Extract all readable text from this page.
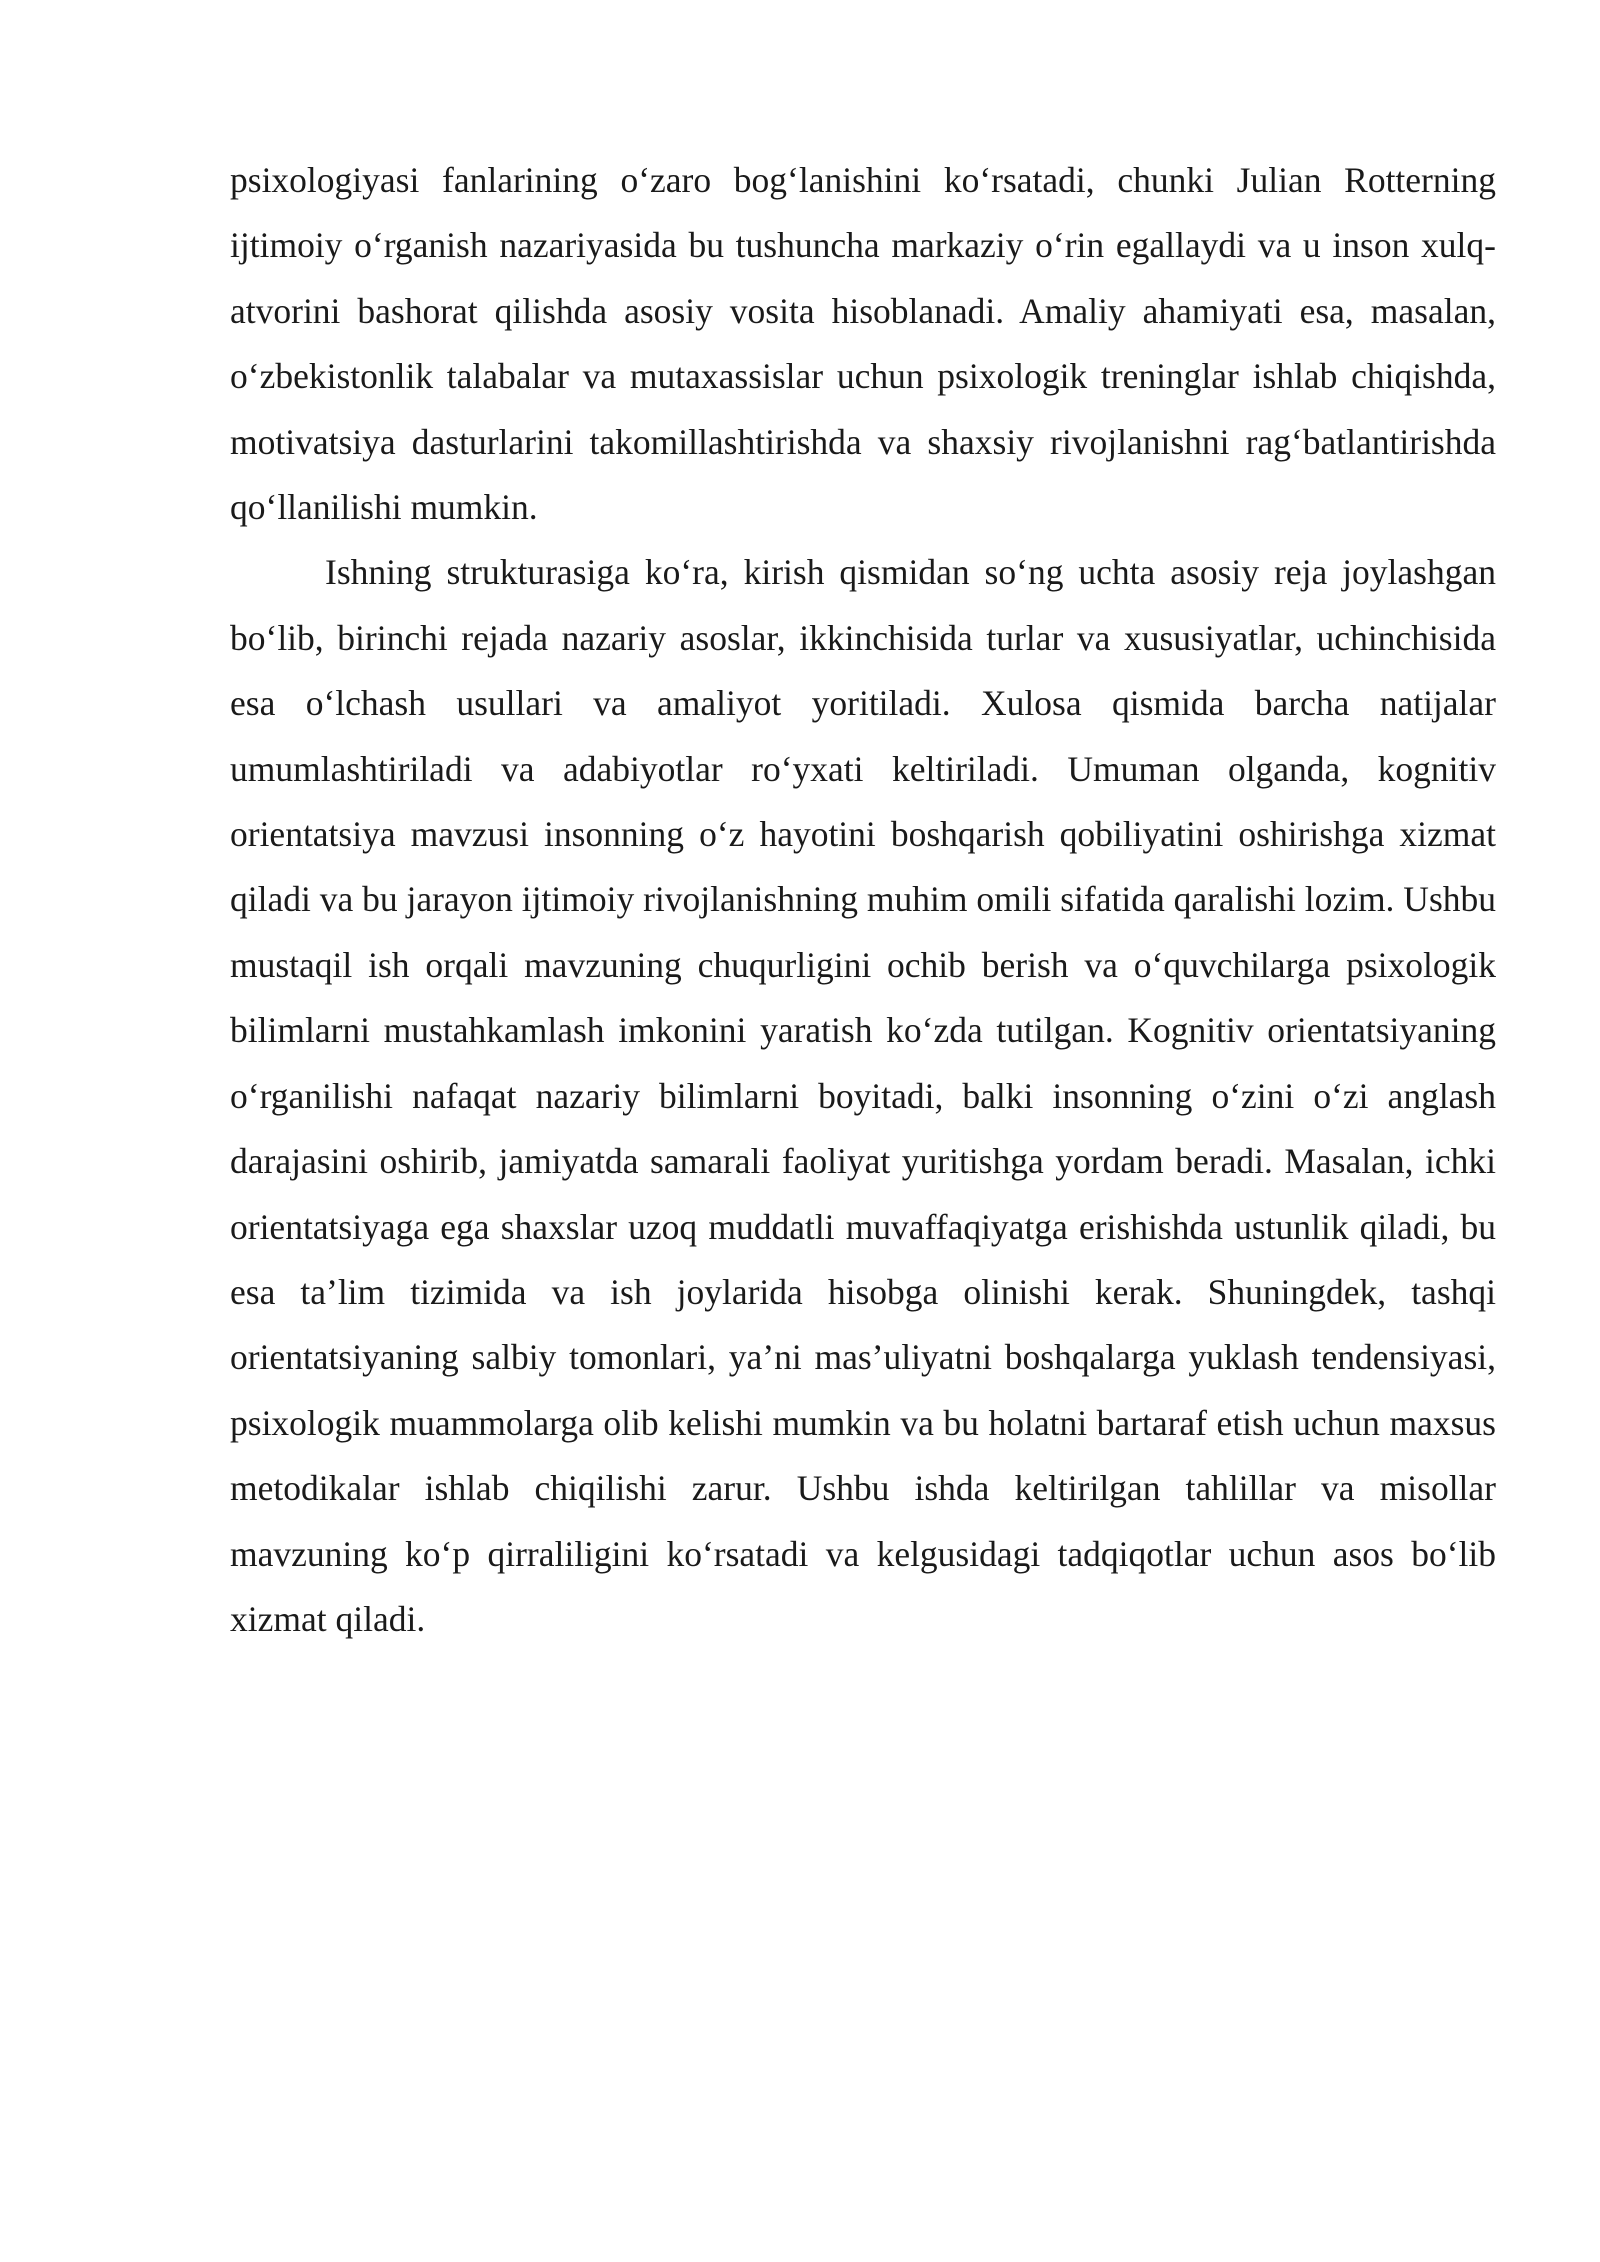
psixologiyasi fanlarining o‘zaro bog‘lanishini ko‘rsatadi, chunki Julian Rotterning ijtimoiy o‘rganish nazariyasida bu tushuncha markaziy o‘rin egallaydi va u inson xulq-atvorini bashorat qilishda asosiy vosita hisoblanadi. Amaliy ahamiyati esa, masalan, o‘zbekistonlik talabalar va mutaxassislar uchun psixologik treninglar ishlab chiqishda, motivatsiya dasturlarini takomillashtirishda va shaxsiy rivojlanishni rag‘batlantirishda qo‘llanilishi mumkin.

Ishning strukturasiga ko‘ra, kirish qismidan so‘ng uchta asosiy reja joylashgan bo‘lib, birinchi rejada nazariy asoslar, ikkinchisida turlar va xususiyatlar, uchinchisida esa o‘lchash usullari va amaliyot yoritiladi. Xulosa qismida barcha natijalar umumlashtiriladi va adabiyotlar ro‘yxati keltiriladi. Umuman olganda, kognitiv orientatsiya mavzusi insonning o‘z hayotini boshqarish qobiliyatini oshirishga xizmat qiladi va bu jarayon ijtimoiy rivojlanishning muhim omili sifatida qaralishi lozim. Ushbu mustaqil ish orqali mavzuning chuqurligini ochib berish va o‘quvchilarga psixologik bilimlarni mustahkamlash imkonini yaratish ko‘zda tutilgan. Kognitiv orientatsiyaning o‘rganilishi nafaqat nazariy bilimlarni boyitadi, balki insonning o‘zini o‘zi anglash darajasini oshirib, jamiyatda samarali faoliyat yuritishga yordam beradi. Masalan, ichki orientatsiyaga ega shaxslar uzoq muddatli muvaffaqiyatga erishishda ustunlik qiladi, bu esa ta’lim tizimida va ish joylarida hisobga olinishi kerak. Shuningdek, tashqi orientatsiyaning salbiy tomonlari, ya’ni mas’uliyatni boshqalarga yuklash tendensiyasi, psixologik muammolarga olib kelishi mumkin va bu holatni bartaraf etish uchun maxsus metodikalar ishlab chiqilishi zarur. Ushbu ishda keltirilgan tahlillar va misollar mavzuning ko‘p qirraliligini ko‘rsatadi va kelgusidagi tadqiqotlar uchun asos bo‘lib xizmat qiladi.
